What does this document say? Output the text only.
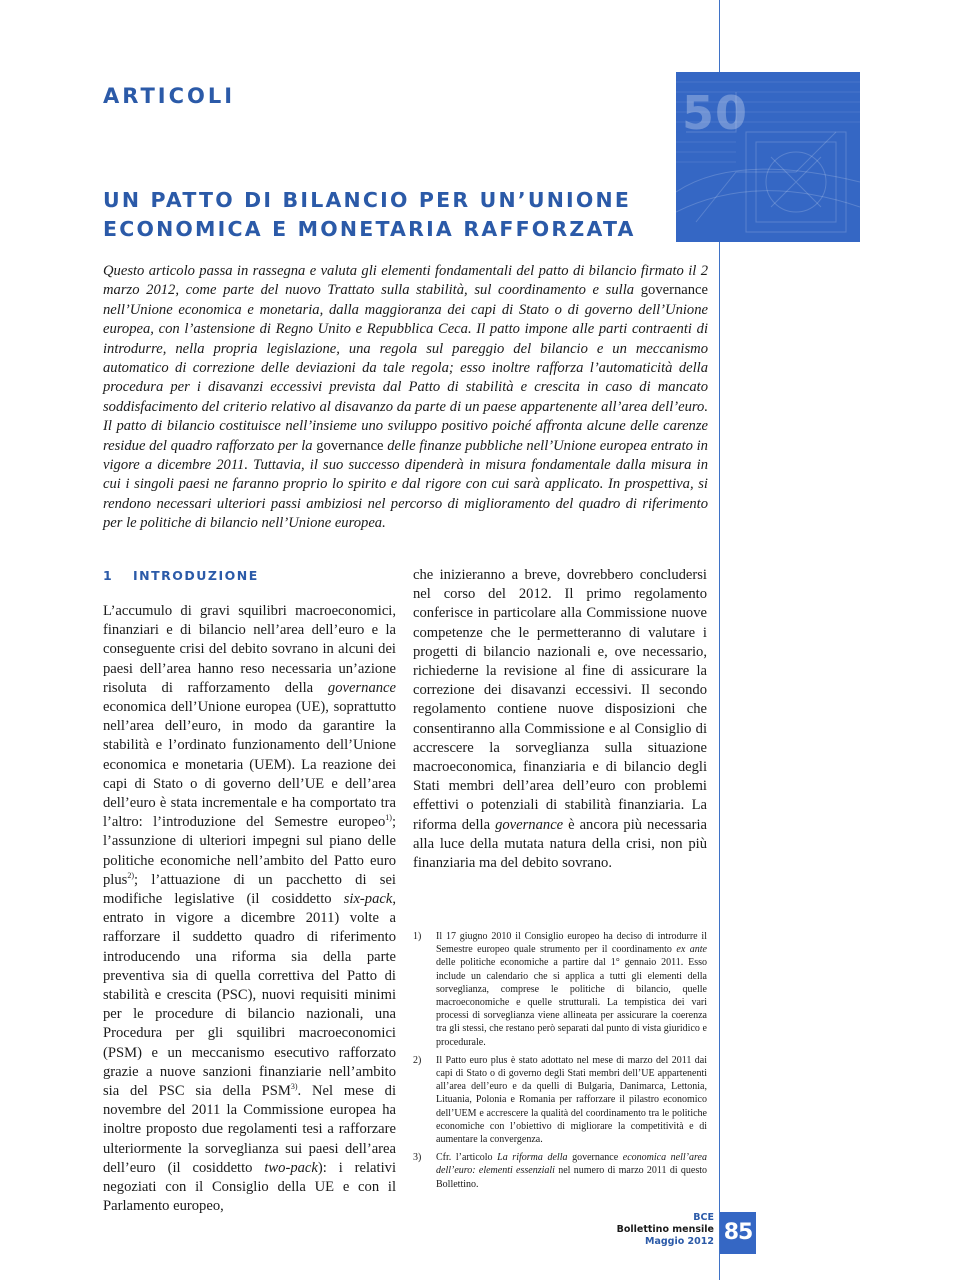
50
ARTICOLI
UN PATTO DI BILANCIO PER UN’UNIONE ECONOMICA E MONETARIA RAFFORZATA

Questo articolo passa in rassegna e valuta gli elementi fondamentali del patto di bilancio firmato il 2 marzo 2012, come parte del nuovo Trattato sulla stabilità, sul coordinamento e sulla governance nell’Unione economica e monetaria, dalla maggioranza dei capi di Stato o di governo dell’Unione europea, con l’astensione di Regno Unito e Repubblica Ceca. Il patto impone alle parti contraenti di introdurre, nella propria legislazione, una regola sul pareggio del bilancio e un meccanismo automatico di correzione delle deviazioni da tale regola; esso inoltre rafforza l’automaticità della procedura per i disavanzi eccessivi prevista dal Patto di stabilità e crescita in caso di mancato soddisfacimento del criterio relativo al disavanzo da parte di un paese appartenente all’area dell’euro. Il patto di bilancio costituisce nell’insieme uno sviluppo positivo poiché affronta alcune delle carenze residue del quadro rafforzato per la governance delle finanze pubbliche nell’Unione europea entrato in vigore a dicembre 2011. Tuttavia, il suo successo dipenderà in misura fondamentale dalla misura in cui i singoli paesi ne faranno proprio lo spirito e dal rigore con cui sarà applicato. In prospettiva, si rendono necessari ulteriori passi ambiziosi nel percorso di miglioramento del quadro di riferimento per le politiche di bilancio nell’Unione europea.

1 INTRODUZIONE

L’accumulo di gravi squilibri macroeconomici, finanziari e di bilancio nell’area dell’euro e la conseguente crisi del debito sovrano in alcuni dei paesi dell’area hanno reso necessaria un’azione risoluta di rafforzamento della governance economica dell’Unione europea (UE), soprattutto nell’area dell’euro, in modo da garantire la stabilità e l’ordinato funzionamento dell’Unione economica e monetaria (UEM). La reazione dei capi di Stato o di governo dell’UE e dell’area dell’euro è stata incrementale e ha comportato tra l’altro: l’introduzione del Semestre europeo$^{1)}$; l’assunzione di ulteriori impegni sul piano delle politiche economiche nell’ambito del Patto euro plus$^{2)}$; l’attuazione di un pacchetto di sei modifiche legislative (il cosiddetto six-pack, entrato in vigore a dicembre 2011) volte a rafforzare il suddetto quadro di riferimento introducendo una riforma sia della parte preventiva sia di quella correttiva del Patto di stabilità e crescita (PSC), nuovi requisiti minimi per le procedure di bilancio nazionali, una Procedura per gli squilibri macroeconomici (PSM) e un meccanismo esecutivo rafforzato grazie a nuove sanzioni finanziarie nell’ambito sia del PSC sia della PSM$^{3)}$. Nel mese di novembre del 2011 la Commissione europea ha inoltre proposto due regolamenti tesi a rafforzare ulteriormente la sorveglianza sui paesi dell’area dell’euro (il cosiddetto two-pack): i relativi negoziati con il Consiglio della UE e con il Parlamento europeo,

che inizieranno a breve, dovrebbero concludersi nel corso del 2012. Il primo regolamento conferisce in particolare alla Commissione nuove competenze che le permetteranno di valutare i progetti di bilancio nazionali e, ove necessario, richiederne la revisione al fine di assicurare la correzione dei disavanzi eccessivi. Il secondo regolamento contiene nuove disposizioni che consentiranno alla Commissione e al Consiglio di accrescere la sorveglianza sulla situazione macroeconomica, finanziaria e di bilancio degli Stati membri dell’area dell’euro con problemi effettivi o potenziali di stabilità finanziaria. La riforma della governance è ancora più necessaria alla luce della mutata natura della crisi, non più finanziaria ma del debito sovrano.

1) Il 17 giugno 2010 il Consiglio europeo ha deciso di introdurre il Semestre europeo quale strumento per il coordinamento ex ante delle politiche economiche a partire dal 1° gennaio 2011. Esso include un calendario che si applica a tutti gli elementi della sorveglianza, comprese le politiche di bilancio, quelle macroeconomiche e quelle strutturali. La tempistica dei vari processi di sorveglianza viene allineata per assicurare la coerenza tra gli stessi, che restano però separati dal punto di vista giuridico e procedurale.
2) Il Patto euro plus è stato adottato nel mese di marzo del 2011 dai capi di Stato o di governo degli Stati membri dell’UE appartenenti all’area dell’euro e da quelli di Bulgaria, Danimarca, Lettonia, Lituania, Polonia e Romania per rafforzare il pilastro economico dell’UEM e accrescere la qualità del coordinamento tra le politiche economiche con l’obiettivo di migliorare la competitività e di aumentare la convergenza.
3) Cfr. l’articolo La riforma della governance economica nell’area dell’euro: elementi essenziali nel numero di marzo 2011 di questo Bollettino.
BCE
Bollettino mensile
Maggio 2012 85
